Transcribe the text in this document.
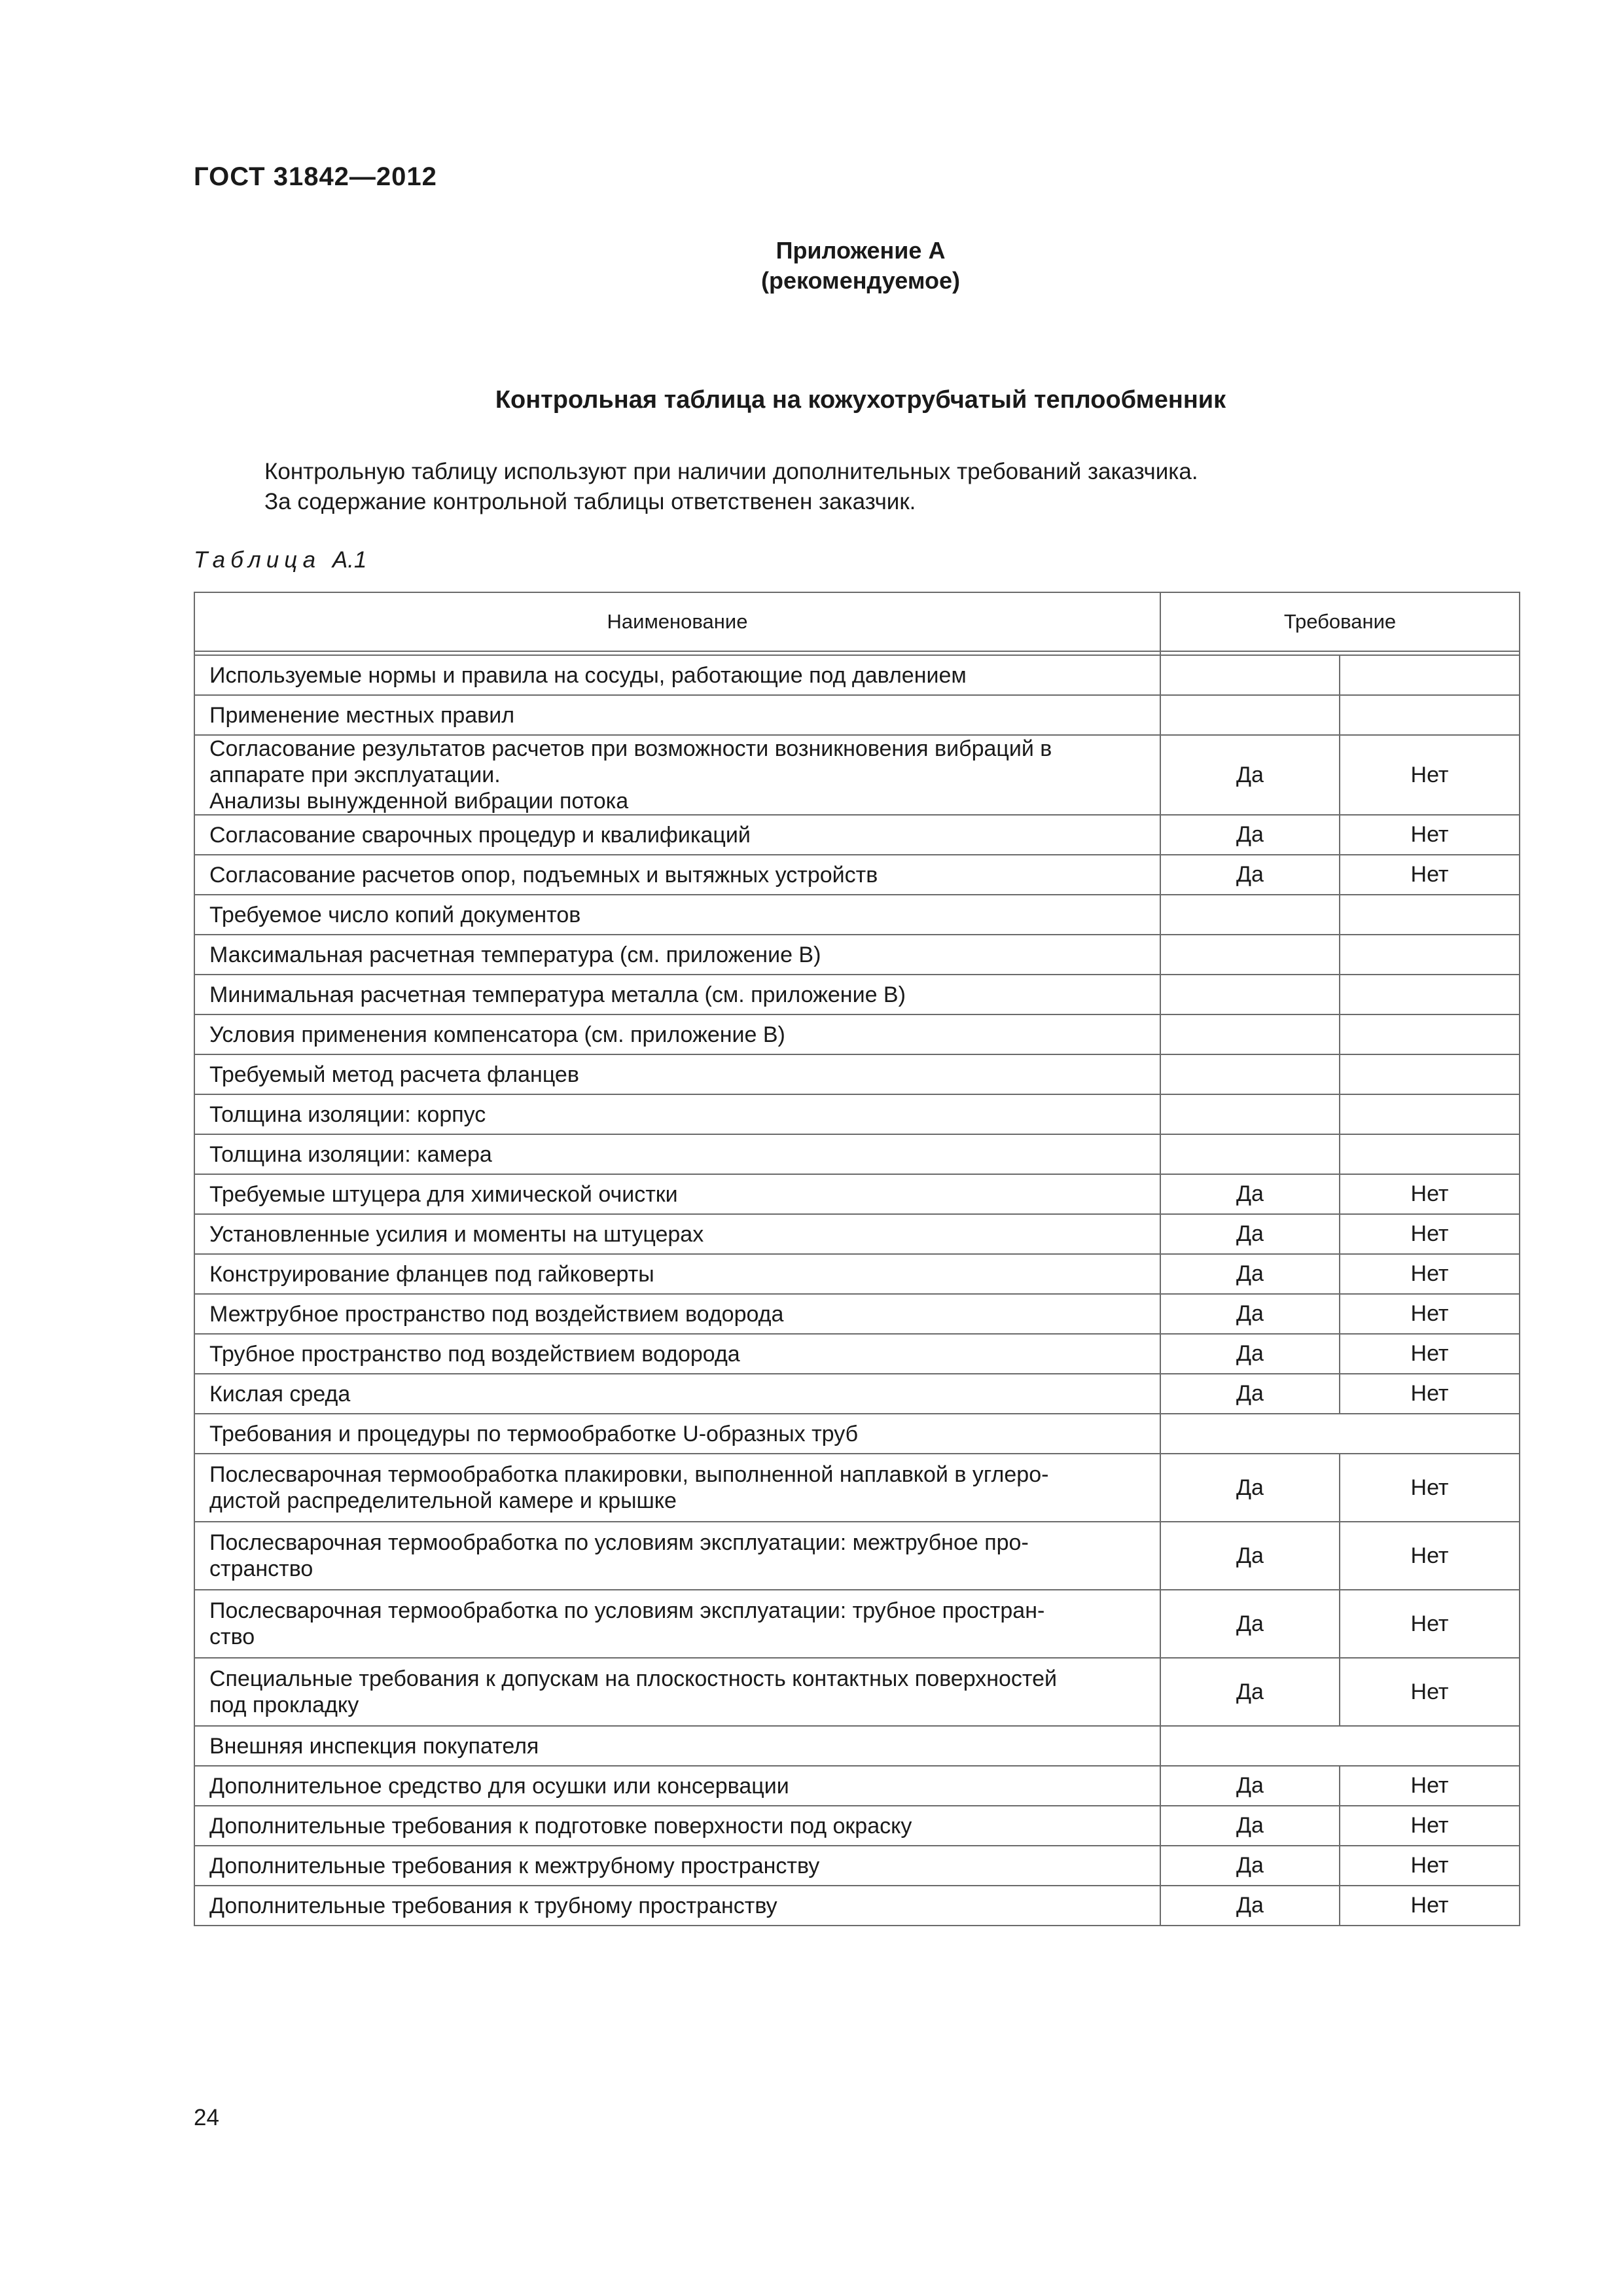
ГОСТ 31842—2012
Приложение А
(рекомендуемое)
Контрольная таблица на кожухотрубчатый теплообменник

Контрольную таблицу используют при наличии дополнительных требований заказчика.

За содержание контрольной таблицы ответственен заказчик.

Таблица А.1
Наименование	Требование	

Используемые нормы и правила на сосуды, работающие под давлением		
Применение местных правил		
Согласование результатов расчетов при возможности возникновения вибраций в аппарате при эксплуатации.
Анализы вынужденной вибрации потока	Да	Нет
Согласование сварочных процедур и квалификаций	Да	Нет
Согласование расчетов опор, подъемных и вытяжных устройств	Да	Нет
Требуемое число копий документов		
Максимальная расчетная температура (см. приложение В)		
Минимальная расчетная температура металла (см. приложение В)		
Условия применения компенсатора (см. приложение В)		
Требуемый метод расчета фланцев		
Толщина изоляции: корпус		
Толщина изоляции: камера		
Требуемые штуцера для химической очистки	Да	Нет
Установленные усилия и моменты на штуцерах	Да	Нет
Конструирование фланцев под гайковерты	Да	Нет
Межтрубное пространство под воздействием водорода	Да	Нет
Трубное пространство под воздействием водорода	Да	Нет
Кислая среда	Да	Нет
Требования и процедуры по термообработке U-образных труб		
Послесварочная термообработка плакировки, выполненной наплавкой в углеро-
дистой распределительной камере и крышке	Да	Нет
Послесварочная термообработка по условиям эксплуатации: межтрубное про-
странство	Да	Нет
Послесварочная термообработка по условиям эксплуатации: трубное простран-
ство	Да	Нет
Специальные требования к допускам на плоскостность контактных поверхностей
под прокладку	Да	Нет
Внешняя инспекция покупателя		
Дополнительное средство для осушки или консервации	Да	Нет
Дополнительные требования к подготовке поверхности под окраску	Да	Нет
Дополнительные требования к межтрубному пространству	Да	Нет
Дополнительные требования к трубному пространству	Да	Нет
24
